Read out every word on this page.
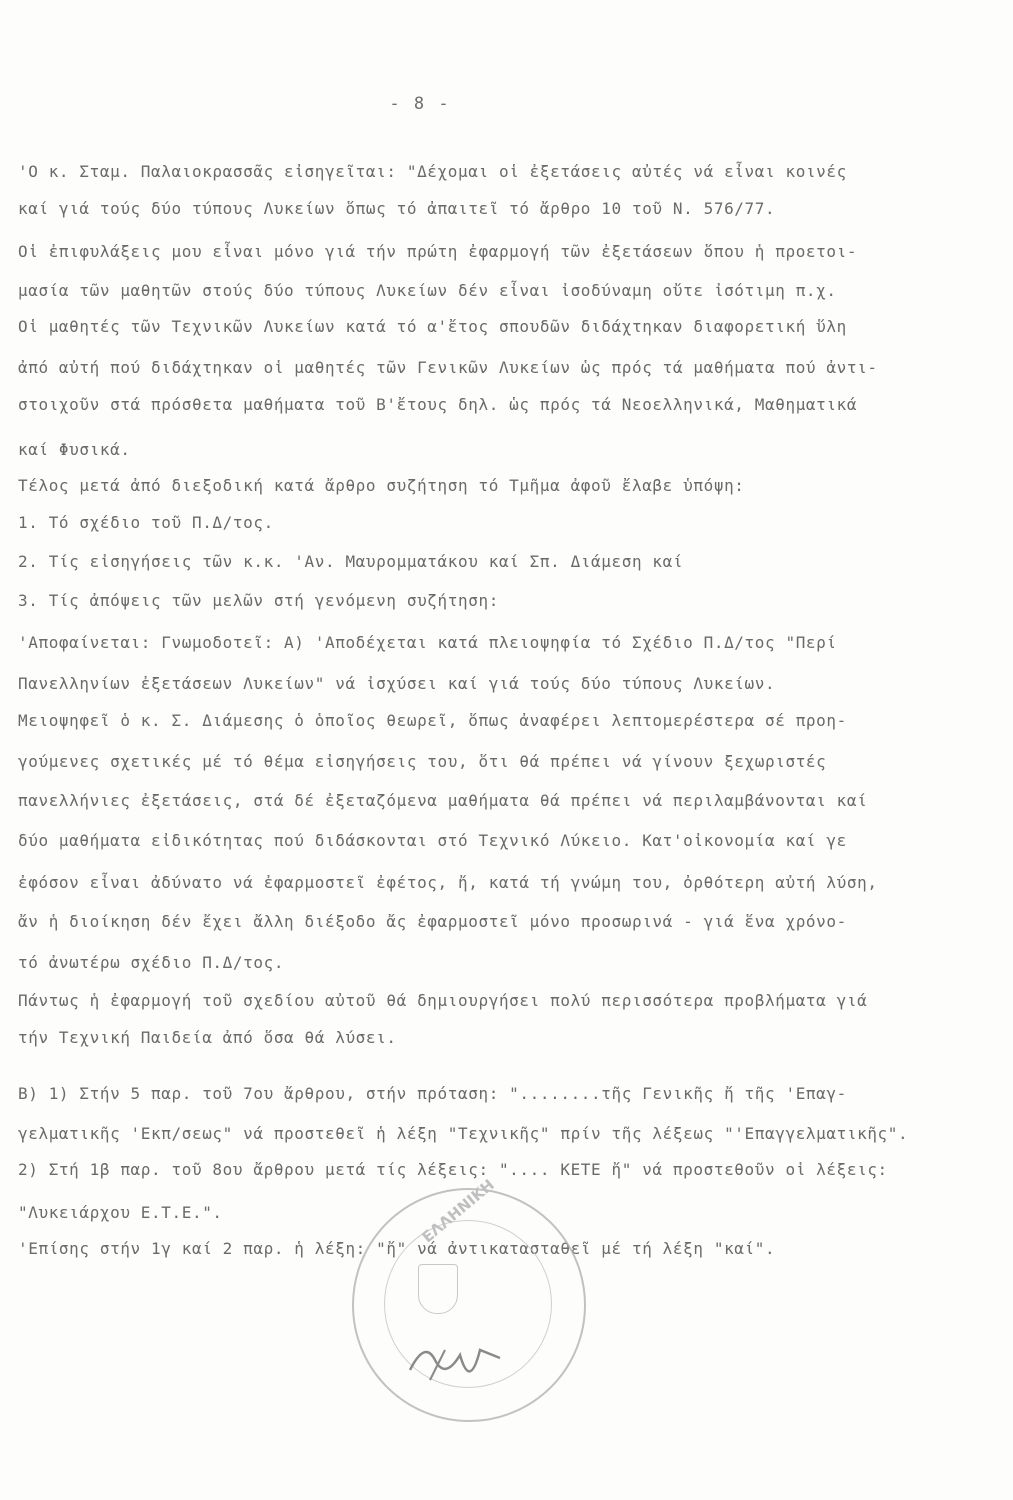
- 8 -
'Ο κ. Σταμ. Παλαιοκρασσᾶς εἰσηγεῖται: "Δέχομαι οἱ ἐξετάσεις αὐτές νά εἶναι κοινές
καί γιά τούς δύο τύπους Λυκείων ὅπως τό ἀπαιτεῖ τό ἄρθρο 10 τοῦ Ν. 576/77.
Οἱ ἐπιφυλάξεις μου εἶναι μόνο γιά τήν πρώτη ἐφαρμογή τῶν ἐξετάσεων ὅπου ἡ προετοι-
μασία τῶν μαθητῶν στούς δύο τύπους Λυκείων δέν εἶναι ἰσοδύναμη οὔτε ἰσότιμη π.χ.
Οἱ μαθητές τῶν Τεχνικῶν Λυκείων κατά τό α'ἔτος σπουδῶν διδάχτηκαν διαφορετική ὕλη
ἀπό αὐτή πού διδάχτηκαν οἱ μαθητές τῶν Γενικῶν Λυκείων ὡς πρός τά μαθήματα πού ἀντι-
στοιχοῦν στά πρόσθετα μαθήματα τοῦ Β'ἔτους δηλ. ὡς πρός τά Νεοελληνικά, Μαθηματικά
καί Φυσικά.
Τέλος μετά ἀπό διεξοδική κατά ἄρθρο συζήτηση τό Τμῆμα ἀφοῦ ἔλαβε ὑπόψη:
1. Τό σχέδιο τοῦ Π.Δ/τος.
2. Τίς εἰσηγήσεις τῶν κ.κ. 'Αν. Μαυρομματάκου καί Σπ. Διάμεση καί
3. Τίς ἀπόψεις τῶν μελῶν στή γενόμενη συζήτηση:
'Αποφαίνεται: Γνωμοδοτεῖ: Α) 'Αποδέχεται κατά πλειοψηφία τό Σχέδιο Π.Δ/τος "Περί
Πανελληνίων ἐξετάσεων Λυκείων" νά ἰσχύσει καί γιά τούς δύο τύπους Λυκείων.
Μειοψηφεῖ ὁ κ. Σ. Διάμεσης ὁ ὁποῖος θεωρεῖ, ὅπως ἀναφέρει λεπτομερέστερα σέ προη-
γούμενες σχετικές μέ τό θέμα εἰσηγήσεις του, ὅτι θά πρέπει νά γίνουν ξεχωριστές
πανελλήνιες ἐξετάσεις, στά δέ ἐξεταζόμενα μαθήματα θά πρέπει νά περιλαμβάνονται καί
δύο μαθήματα εἰδικότητας πού διδάσκονται στό Τεχνικό Λύκειο. Κατ'οἰκονομία καί γε
ἐφόσον εἶναι ἀδύνατο νά ἐφαρμοστεῖ ἐφέτος, ἤ, κατά τή γνώμη του, ὀρθότερη αὐτή λύση,
ἄν ἡ διοίκηση δέν ἔχει ἄλλη διέξοδο ἄς ἐφαρμοστεῖ μόνο προσωρινά - γιά ἕνα χρόνο-
τό ἀνωτέρω σχέδιο Π.Δ/τος.
Πάντως ἡ ἐφαρμογή τοῦ σχεδίου αὐτοῦ θά δημιουργήσει πολύ περισσότερα προβλήματα γιά
τήν Τεχνική Παιδεία ἀπό ὅσα θά λύσει.
Β) 1) Στήν 5 παρ. τοῦ 7ου ἄρθρου, στήν πρόταση: "........τῆς Γενικῆς ἤ τῆς 'Επαγ-
γελματικῆς 'Εκπ/σεως" νά προστεθεῖ ἡ λέξη "Τεχνικῆς" πρίν τῆς λέξεως "'Επαγγελματικῆς".
2) Στή 1β παρ. τοῦ 8ου ἄρθρου μετά τίς λέξεις: ".... ΚΕΤΕ ἤ" νά προστεθοῦν οἱ λέξεις:
"Λυκειάρχου Ε.Τ.Ε.".
'Επίσης στήν 1γ καί 2 παρ. ἡ λέξη: "ἤ" νά ἀντικατασταθεῖ μέ τή λέξη "καί".
ΕΛΛΗΝΙΚΗ
